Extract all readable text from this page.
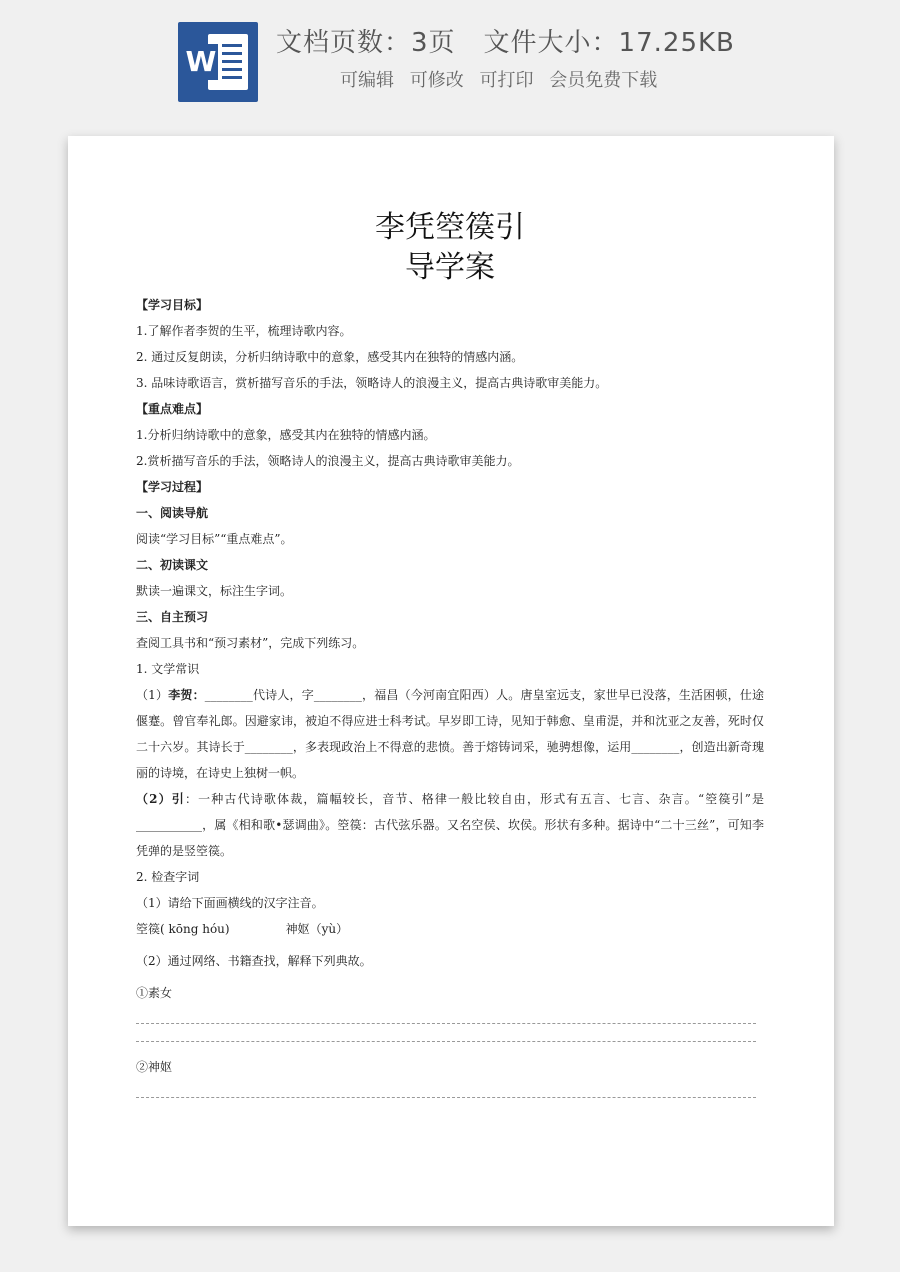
W
文档页数：3页 文件大小：17.25KB
可编辑 可修改 可打印 会员免费下载
李凭箜篌引
导学案

【学习目标】

1.了解作者李贺的生平，梳理诗歌内容。

2. 通过反复朗读，分析归纳诗歌中的意象，感受其内在独特的情感内涵。

3. 品味诗歌语言，赏析描写音乐的手法，领略诗人的浪漫主义，提高古典诗歌审美能力。

【重点难点】

1.分析归纳诗歌中的意象，感受其内在独特的情感内涵。

2.赏析描写音乐的手法，领略诗人的浪漫主义，提高古典诗歌审美能力。

【学习过程】

一、阅读导航

阅读“学习目标”“重点难点”。

二、初读课文

默读一遍课文，标注生字词。

三、自主预习

查阅工具书和“预习素材”，完成下列练习。

1. 文学常识

（1）李贺：________代诗人，字________，福昌（今河南宜阳西）人。唐皇室远支，家世早已没落，生活困顿，仕途偃蹇。曾官奉礼郎。因避家讳，被迫不得应进士科考试。早岁即工诗，见知于韩愈、皇甫湜，并和沈亚之友善，死时仅二十六岁。其诗长于________，多表现政治上不得意的悲愤。善于熔铸词采，驰骋想像，运用________，创造出新奇瑰丽的诗境，在诗史上独树一帜。

（2）引：一种古代诗歌体裁，篇幅较长，音节、格律一般比较自由，形式有五言、七言、杂言。“箜篌引”是___________，属《相和歌•瑟调曲》。箜篌：古代弦乐器。又名空侯、坎侯。形状有多种。据诗中“二十三丝”，可知李凭弹的是竖箜篌。

2. 检查字词

（1）请给下面画横线的汉字注音。

箜篌( kōng hóu)	神妪（yù）

（2）通过网络、书籍查找，解释下列典故。

①素女

②神妪
